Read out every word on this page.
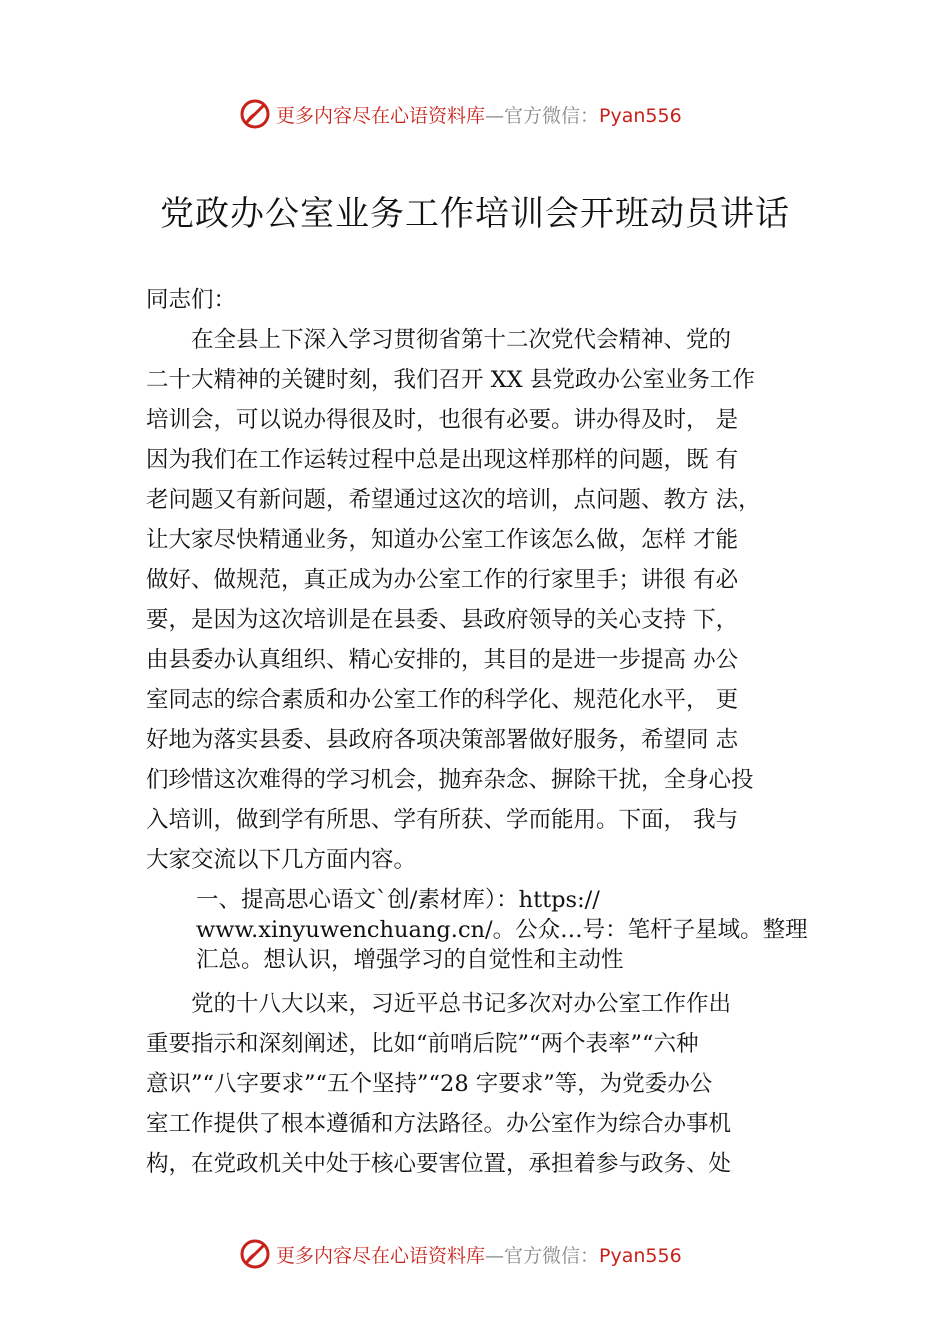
更多内容尽在心语资料库—官方微信：Pyan556
党政办公室业务工作培训会开班动员讲话
同志们：
　　在全县上下深入学习贯彻省第十二次党代会精神、党的
二十大精神的关键时刻，我们召开 XX 县党政办公室业务工作
培训会，可以说办得很及时，也很有必要。讲办得及时， 是
因为我们在工作运转过程中总是出现这样那样的问题，既 有
老问题又有新问题，希望通过这次的培训，点问题、教方 法，
让大家尽快精通业务，知道办公室工作该怎么做，怎样 才能
做好、做规范，真正成为办公室工作的行家里手；讲很 有必
要，是因为这次培训是在县委、县政府领导的关心支持 下，
由县委办认真组织、精心安排的，其目的是进一步提高 办公
室同志的综合素质和办公室工作的科学化、规范化水平， 更
好地为落实县委、县政府各项决策部署做好服务，希望同 志
们珍惜这次难得的学习机会，抛弃杂念、摒除干扰，全身心投
入培训，做到学有所思、学有所获、学而能用。下面， 我与
大家交流以下几方面内容。
一、提高思心语文`创/素材库）：https://
www.xinyuwenchuang.cn/。公众…号：笔杆子星域。整理
汇总。想认识，增强学习的自觉性和主动性
　　党的十八大以来，习近平总书记多次对办公室工作作出
重要指示和深刻阐述，比如“前哨后院”“两个表率”“六种
意识”“八字要求”“五个坚持”“28 字要求”等，为党委办公
室工作提供了根本遵循和方法路径。办公室作为综合办事机
构，在党政机关中处于核心要害位置，承担着参与政务、处
更多内容尽在心语资料库—官方微信：Pyan556
